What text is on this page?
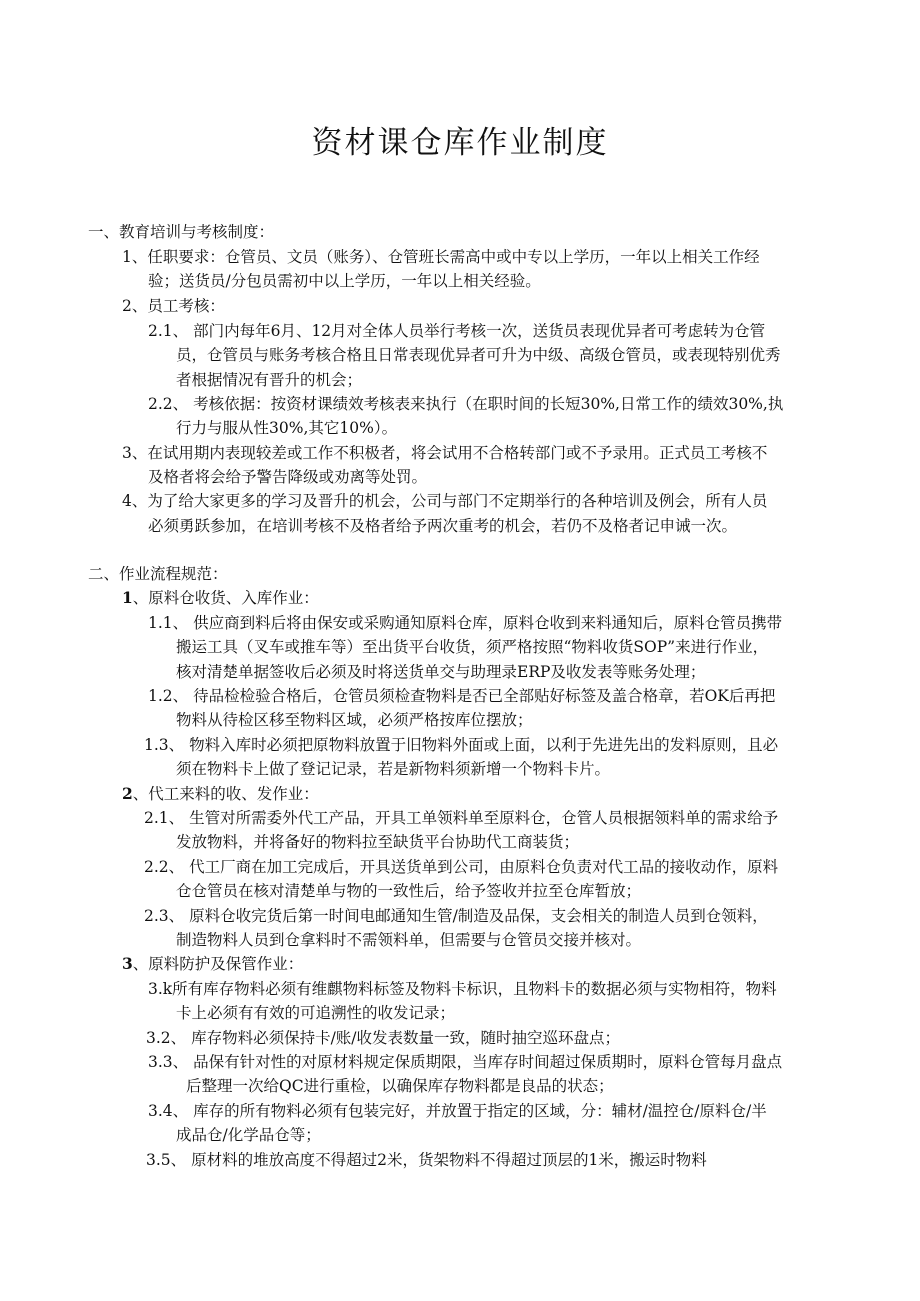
资材课仓库作业制度
一、教育培训与考核制度：
1、任职要求：仓管员、文员（账务）、仓管班长需高中或中专以上学历，一年以上相关工作经
验；送货员/分包员需初中以上学历，一年以上相关经验。
2、员工考核：
2.1、 部门内每年6月、12月对全体人员举行考核一次，送货员表现优异者可考虑转为仓管
员，仓管员与账务考核合格且日常表现优异者可升为中级、高级仓管员，或表现特别优秀
者根据情况有晋升的机会；
2.2、 考核依据：按资材课绩效考核表来执行（在职时间的长短30%,日常工作的绩效30%,执
行力与服从性30%,其它10%）。
3、在试用期内表现较差或工作不积极者，将会试用不合格转部门或不予录用。正式员工考核不
及格者将会给予警告降级或劝离等处罚。
4、为了给大家更多的学习及晋升的机会，公司与部门不定期举行的各种培训及例会，所有人员
必须勇跃参加，在培训考核不及格者给予两次重考的机会，若仍不及格者记申诫一次。
二、作业流程规范：
1、原料仓收货、入库作业：
1.1、 供应商到料后将由保安或采购通知原料仓库，原料仓收到来料通知后，原料仓管员携带
搬运工具（叉车或推车等）至出货平台收货，须严格按照“物料收货SOP”来进行作业，
核对清楚单据签收后必须及时将送货单交与助理录ERP及收发表等账务处理；
1.2、 待品检检验合格后，仓管员须检查物料是否已全部贴好标签及盖合格章，若OK后再把
物料从待检区移至物料区域，必须严格按库位摆放；
1.3、 物料入库时必须把原物料放置于旧物料外面或上面，以利于先进先出的发料原则，且必
须在物料卡上做了登记记录，若是新物料须新增一个物料卡片。
2、代工来料的收、发作业：
2.1、 生管对所需委外代工产品，开具工单领料单至原料仓，仓管人员根据领料单的需求给予
发放物料，并将备好的物料拉至缺货平台协助代工商装货；
2.2、 代工厂商在加工完成后，开具送货单到公司，由原料仓负责对代工品的接收动作，原料
仓仓管员在核对清楚单与物的一致性后，给予签收并拉至仓库暂放；
2.3、 原料仓收完货后第一时间电邮通知生管/制造及品保，支会相关的制造人员到仓领料，
制造物料人员到仓拿料时不需领料单，但需要与仓管员交接并核对。
3、原料防护及保管作业：
3.k所有库存物料必须有维麒物料标签及物料卡标识，且物料卡的数据必须与实物相符，物料
卡上必须有有效的可追溯性的收发记录；
3.2、 库存物料必须保持卡/账/收发表数量一致，随时抽空巡环盘点；
3.3、 品保有针对性的对原材料规定保质期限，当库存时间超过保质期时，原料仓管每月盘点
后整理一次给QC进行重检，以确保库存物料都是良品的状态；
3.4、 库存的所有物料必须有包装完好，并放置于指定的区域，分：辅材/温控仓/原料仓/半
成品仓/化学品仓等；
3.5、 原材料的堆放高度不得超过2米，货架物料不得超过顶层的1米，搬运时物料
